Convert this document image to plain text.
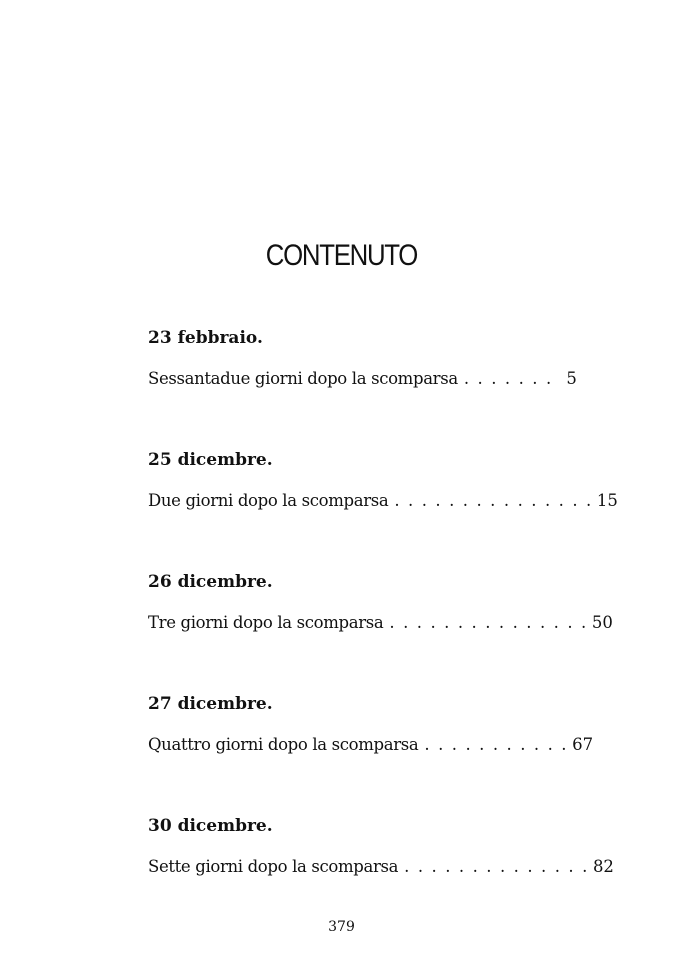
CONTENUTO
23 febbraio.
Sessantadue giorni dopo la scomparsa . . . . . . . 5
25 dicembre.
Due giorni dopo la scomparsa . . . . . . . . . . . . . . . 15
26 dicembre.
Tre giorni dopo la scomparsa . . . . . . . . . . . . . . . 50
27 dicembre.
Quattro giorni dopo la scomparsa . . . . . . . . . . . 67
30 dicembre.
Sette giorni dopo la scomparsa . . . . . . . . . . . . . . 82
379
